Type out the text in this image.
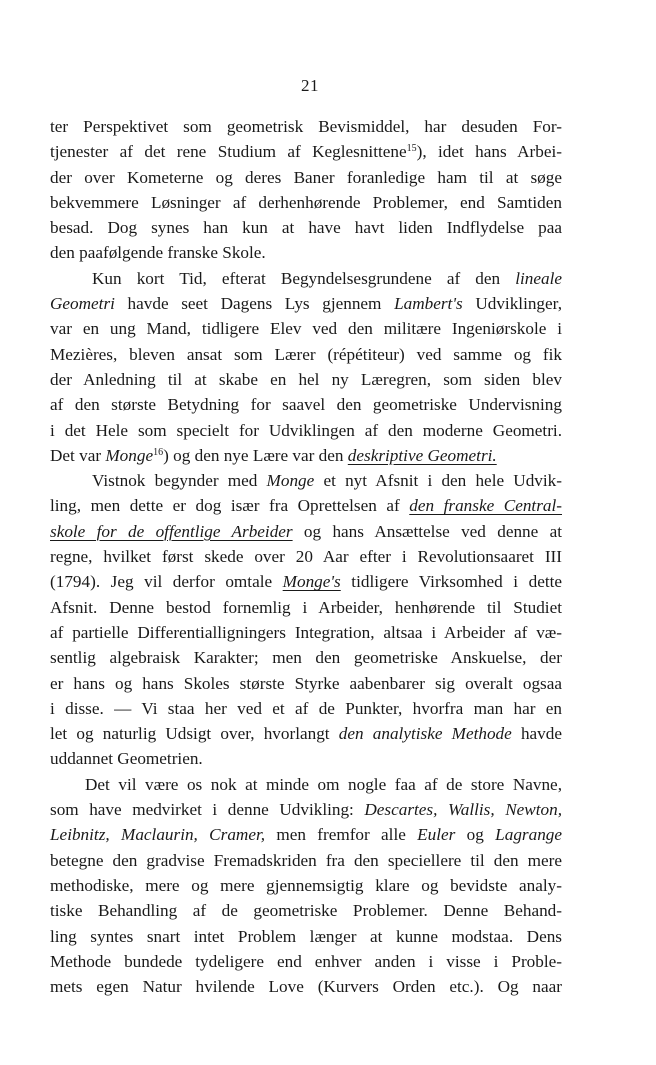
21
ter Perspektivet som geometrisk Bevismiddel, har desuden For-
tjenester af det rene Studium af Keglesnittene$^{15}$), idet hans Arbei-
der over Kometerne og deres Baner foranledige ham til at søge
bekvemmere Løsninger af derhenhørende Problemer, end Samtiden
besad. Dog synes han kun at have havt liden Indflydelse paa
den paafølgende franske Skole.
Kun kort Tid, efterat Begyndelsesgrundene af den lineale
Geometri havde seet Dagens Lys gjennem Lambert's Udviklinger,
var en ung Mand, tidligere Elev ved den militære Ingeniørskole i
Mezières, bleven ansat som Lærer (répétiteur) ved samme og fik
der Anledning til at skabe en hel ny Læregren, som siden blev
af den største Betydning for saavel den geometriske Undervisning
i det Hele som specielt for Udviklingen af den moderne Geometri.
Det var Monge$^{16}$) og den nye Lære var den deskriptive Geometri.
Vistnok begynder med Monge et nyt Afsnit i den hele Udvik-
ling, men dette er dog især fra Oprettelsen af den franske Central-
skole for de offentlige Arbeider og hans Ansættelse ved denne at
regne, hvilket først skede over 20 Aar efter i Revolutionsaaret III
(1794). Jeg vil derfor omtale Monge's tidligere Virksomhed i dette
Afsnit. Denne bestod fornemlig i Arbeider, henhørende til Studiet
af partielle Differentialligningers Integration, altsaa i Arbeider af væ-
sentlig algebraisk Karakter; men den geometriske Anskuelse, der
er hans og hans Skoles største Styrke aabenbarer sig overalt ogsaa
i disse. — Vi staa her ved et af de Punkter, hvorfra man har en
let og naturlig Udsigt over, hvorlangt den analytiske Methode havde
uddannet Geometrien.
Det vil være os nok at minde om nogle faa af de store Navne,
som have medvirket i denne Udvikling: Descartes, Wallis, Newton,
Leibnitz, Maclaurin, Cramer, men fremfor alle Euler og Lagrange
betegne den gradvise Fremadskriden fra den speciellere til den mere
methodiske, mere og mere gjennemsigtig klare og bevidste analy-
tiske Behandling af de geometriske Problemer. Denne Behand-
ling syntes snart intet Problem længer at kunne modstaa. Dens
Methode bundede tydeligere end enhver anden i visse i Proble-
mets egen Natur hvilende Love (Kurvers Orden etc.). Og naar
